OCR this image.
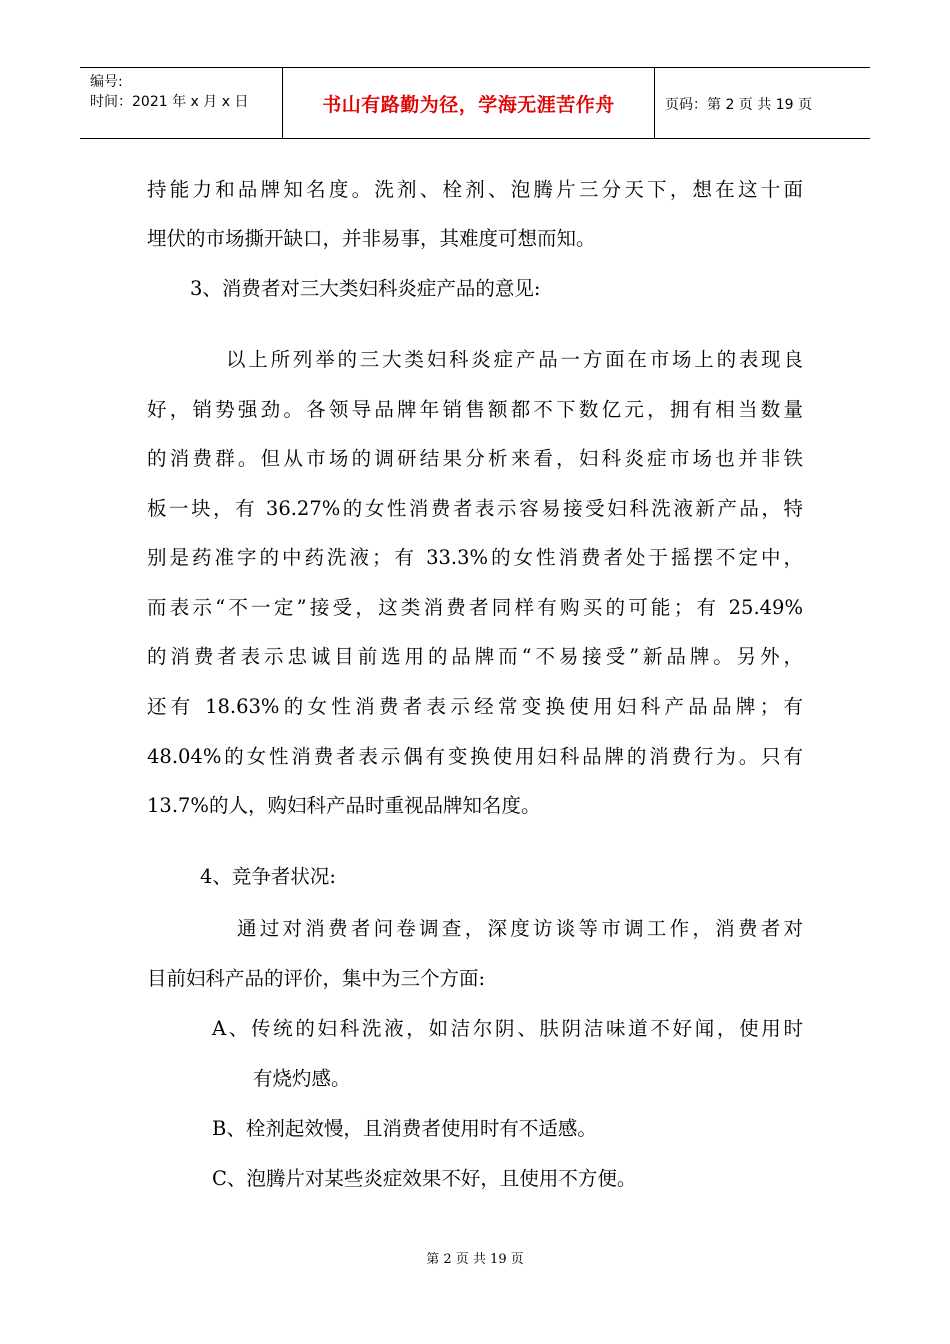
编号:
时间：2021 年 x 月 x 日	书山有路勤为径，学海无涯苦作舟	页码：第 2 页 共 19 页
持能力和品牌知名度。洗剂、栓剂、泡腾片三分天下，想在这十面
埋伏的市场撕开缺口，并非易事，其难度可想而知。
3、消费者对三大类妇科炎症产品的意见:
以上所列举的三大类妇科炎症产品一方面在市场上的表现良
好，销势强劲。各领导品牌年销售额都不下数亿元，拥有相当数量
的消费群。但从市场的调研结果分析来看，妇科炎症市场也并非铁
板一块，有 36.27%的女性消费者表示容易接受妇科洗液新产品，特
别是药准字的中药洗液；有 33.3%的女性消费者处于摇摆不定中，
而表示“不一定”接受，这类消费者同样有购买的可能；有 25.49%
的消费者表示忠诚目前选用的品牌而“不易接受”新品牌。另外，
还有 18.63%的女性消费者表示经常变换使用妇科产品品牌；有
48.04%的女性消费者表示偶有变换使用妇科品牌的消费行为。只有
13.7%的人，购妇科产品时重视品牌知名度。
4、竞争者状况:
通过对消费者问卷调查，深度访谈等市调工作，消费者对
目前妇科产品的评价，集中为三个方面:
A、传统的妇科洗液，如洁尔阴、肤阴洁味道不好闻，使用时
有烧灼感。
B、栓剂起效慢，且消费者使用时有不适感。
C、泡腾片对某些炎症效果不好，且使用不方便。
第 2 页 共 19 页
